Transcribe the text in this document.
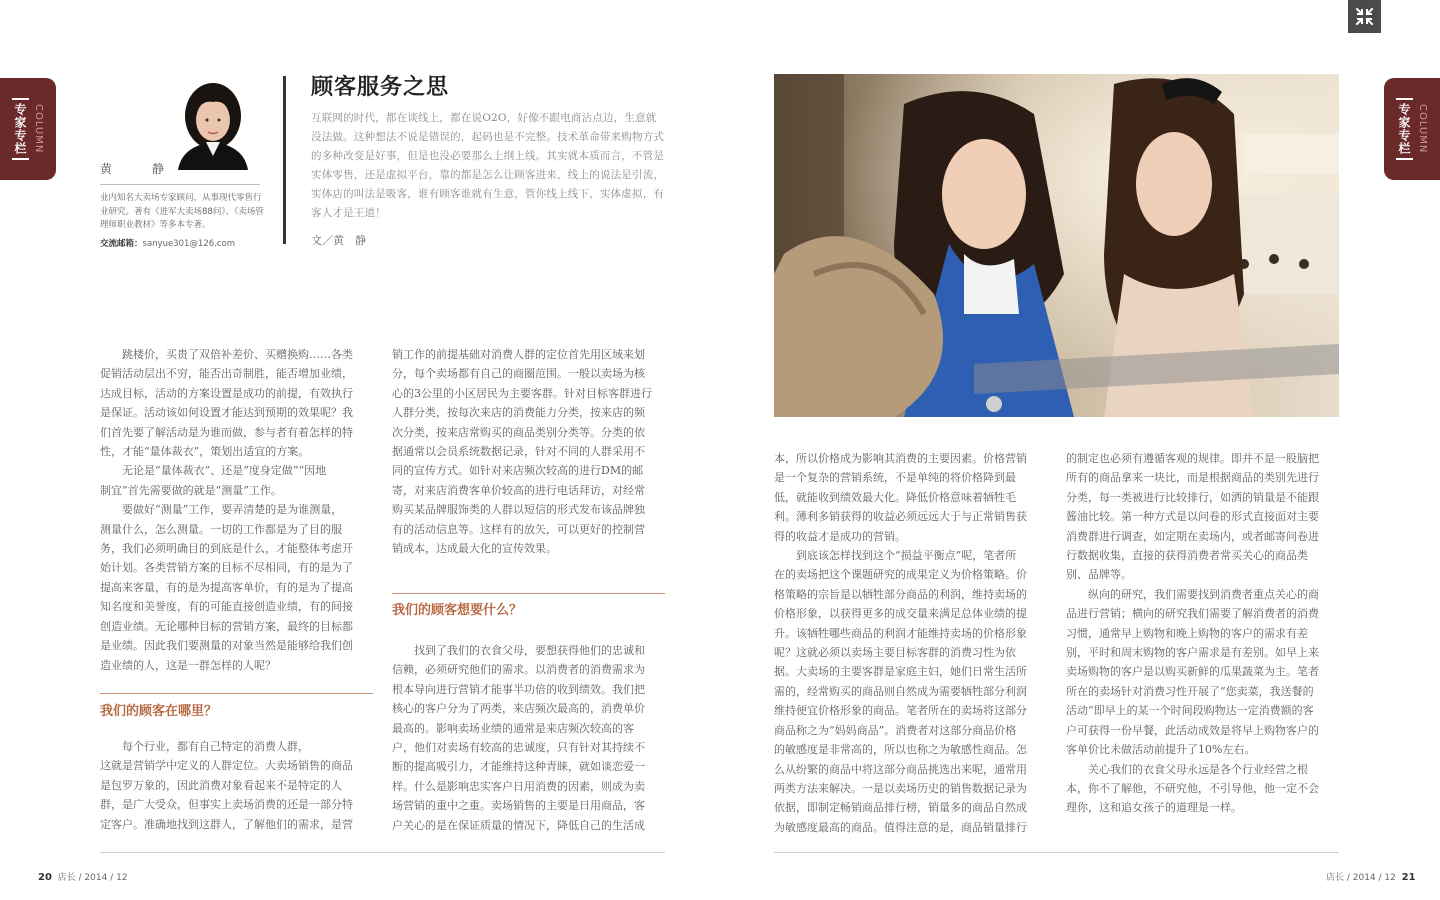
专家专栏 COLUMN	专家专栏 COLUMN
黄　静
业内知名大卖场专家顾问，从事现代零售行业研究。著有《进军大卖场88问》、《卖场管理师职业教材》等多本专著。
交流邮箱：sanyue301@126.com
顾客服务之思
互联网的时代，都在谈线上，都在说O2O，好像不跟电商沾点边，生意就没法做。这种想法不说是错误的，起码也是不完整。技术革命带来购物方式的多种改变是好事，但是也没必要那么上纲上线。其实就本质而言，不管是实体零售，还是虚拟平台，靠的都是怎么让顾客进来，线上的说法是引流，实体店的叫法是吸客，谁有顾客谁就有生意，管你线上线下，实体虚拟，有客人才是王道！
文／黄　静
跳楼价，买贵了双倍补差价、买赠换购……各类
促销活动层出不穷，能否出奇制胜，能否增加业绩，
达成目标，活动的方案设置是成功的前提，有效执行
是保证。活动该如何设置才能达到预期的效果呢？我
们首先要了解活动是为谁而做，参与者有着怎样的特
性，才能“量体裁衣”，策划出适宜的方案。
无论是“量体裁衣”、还是“度身定做”“因地
制宜”首先需要做的就是“测量”工作。
要做好“测量”工作，要弄清楚的是为谁测量，
测量什么，怎么测量。一切的工作都是为了目的服
务，我们必须明确目的到底是什么，才能整体考虑开
始计划。各类营销方案的目标不尽相同，有的是为了
提高来客量，有的是为提高客单价，有的是为了提高
知名度和美誉度，有的可能直接创造业绩，有的间接
创造业绩。无论哪种目标的营销方案，最终的目标都
是业绩。因此我们要测量的对象当然是能够给我们创
造业绩的人，这是一群怎样的人呢？
我们的顾客在哪里？
每个行业，都有自己特定的消费人群，
这就是营销学中定义的人群定位。大卖场销售的商品
是包罗万象的，因此消费对象看起来不是特定的人
群，是广大受众，但事实上卖场消费的还是一部分特
定客户。准确地找到这群人，了解他们的需求，是营
销工作的前提基础对消费人群的定位首先用区域来划
分，每个卖场都有自己的商圈范围。一般以卖场为核
心的3公里的小区居民为主要客群。针对目标客群进行
人群分类，按每次来店的消费能力分类，按来店的频
次分类，按来店常购买的商品类别分类等。分类的依
据通常以会员系统数据记录，针对不同的人群采用不
同的宣传方式。如针对来店频次较高的进行DM的邮
寄，对来店消费客单价较高的进行电话拜访，对经常
购买某品牌服饰类的人群以短信的形式发布该品牌独
有的活动信息等。这样有的放矢，可以更好的控制营
销成本，达成最大化的宣传效果。
我们的顾客想要什么？
找到了我们的衣食父母，要想获得他们的忠诚和
信赖，必须研究他们的需求。以消费者的消费需求为
根本导向进行营销才能事半功倍的收到绩效。我们把
核心的客户分为了两类，来店频次最高的，消费单价
最高的。影响卖场业绩的通常是来店频次较高的客
户，他们对卖场有较高的忠诚度，只有针对其持续不
断的提高吸引力，才能维持这种青睐，就如谈恋爱一
样。什么是影响忠实客户日用消费的因素，则成为卖
场营销的重中之重。卖场销售的主要是日用商品，客
户关心的是在保证质量的情况下，降低自己的生活成
本，所以价格成为影响其消费的主要因素。价格营销
是一个复杂的营销系统，不是单纯的将价格降到最
低，就能收到绩效最大化。降低价格意味着牺牲毛
利。薄利多销获得的收益必须远远大于与正常销售获
得的收益才是成功的营销。
到底该怎样找到这个“损益平衡点”呢，笔者所
在的卖场把这个课题研究的成果定义为价格策略。价
格策略的宗旨是以牺牲部分商品的利润，维持卖场的
价格形象，以获得更多的成交量来满足总体业绩的提
升。该牺牲哪些商品的利润才能维持卖场的价格形象
呢？这就必须以卖场主要目标客群的消费习性为依
据。大卖场的主要客群是家庭主妇，她们日常生活所
需的，经常购买的商品则自然成为需要牺牲部分利润
维持便宜价格形象的商品。笔者所在的卖场将这部分
商品称之为“妈妈商品”。消费者对这部分商品价格
的敏感度是非常高的，所以也称之为敏感性商品。怎
么从纷繁的商品中将这部分商品挑选出来呢，通常用
两类方法来解决。一是以卖场历史的销售数据记录为
依据，即制定畅销商品排行榜，销量多的商品自然成
为敏感度最高的商品。值得注意的是，商品销量排行
的制定也必须有遵循客观的规律。即并不是一股脑把
所有的商品拿来一块比，而是根据商品的类别先进行
分类，每一类被进行比较排行，如洒的销量是不能跟
酱油比较。第一种方式是以问卷的形式直接面对主要
消费群进行调查，如定期在卖场内，或者邮寄问卷进
行数据收集，直接的获得消费者常买关心的商品类
别、品牌等。
纵向的研究，我们需要找到消费者重点关心的商
品进行营销；横向的研究我们需要了解消费者的消费
习惯，通常早上购物和晚上购物的客户的需求有差
别，平时和周末购物的客户需求是有差别。如早上来
卖场购物的客户是以购买新鲜的瓜果蔬菜为主。笔者
所在的卖场针对消费习性开展了“您卖菜，我送餐的
活动”即早上的某一个时间段购物达一定消费额的客
户可获得一份早餐，此活动成效是将早上购物客户的
客单价比未做活动前提升了10%左右。
关心我们的衣食父母永远是各个行业经营之根
本，你不了解他，不研究他，不引导他，他一定不会
理你，这和追女孩子的道理是一样。
20 店长 / 2014 / 12	店长 / 2014 / 12 21
